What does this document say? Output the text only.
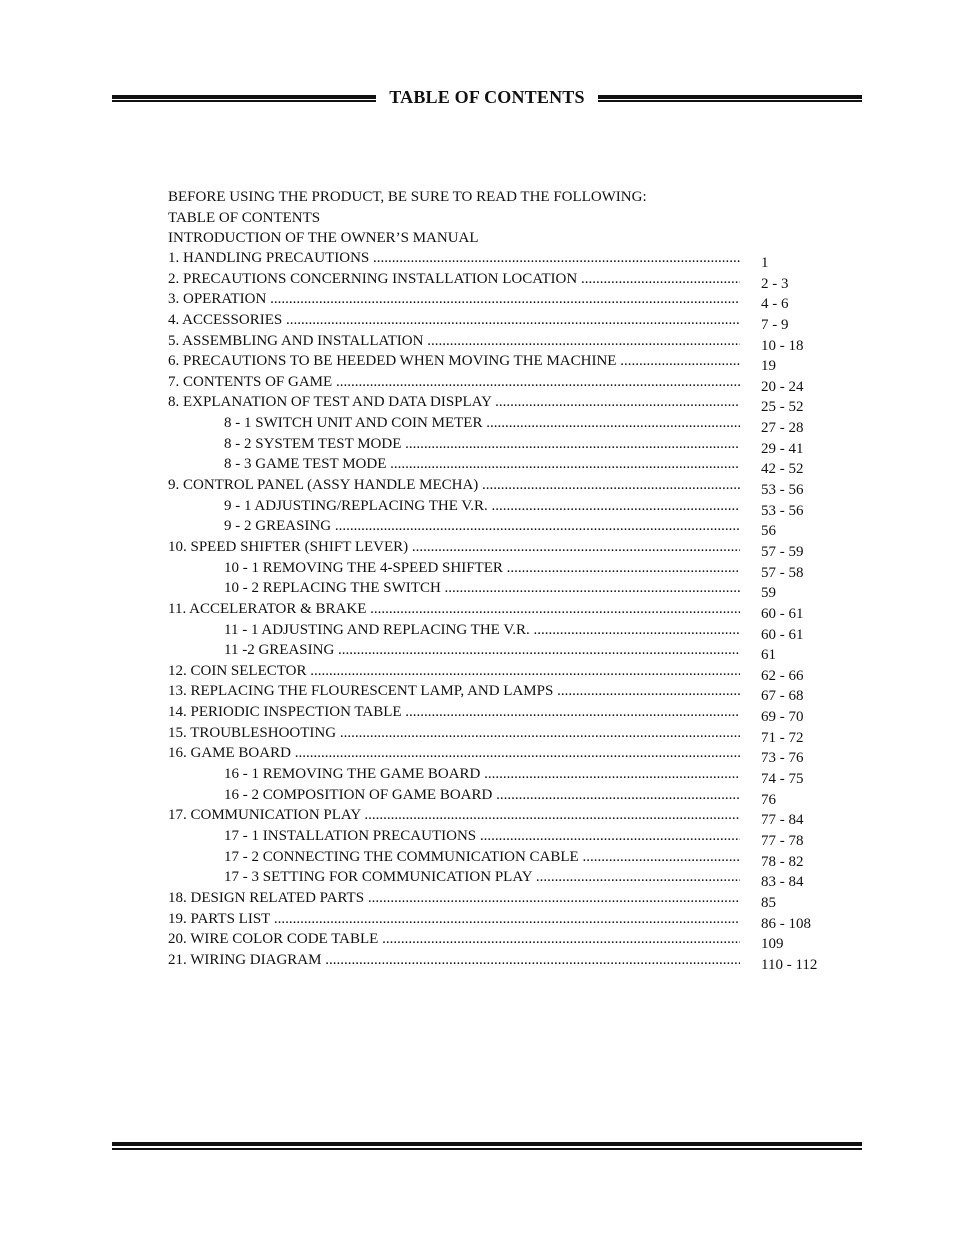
TABLE OF CONTENTS
BEFORE USING THE PRODUCT, BE SURE TO READ THE FOLLOWING:
TABLE OF CONTENTS
INTRODUCTION OF THE OWNER’S MANUAL
1. HANDLING PRECAUTIONS .....	1
2. PRECAUTIONS CONCERNING INSTALLATION LOCATION .....	2 - 3
3. OPERATION .....	4 - 6
4. ACCESSORIES .....	7 - 9
5. ASSEMBLING AND INSTALLATION .....	10 - 18
6. PRECAUTIONS TO BE HEEDED WHEN MOVING THE MACHINE .....	19
7. CONTENTS OF GAME .....	20 - 24
8. EXPLANATION OF TEST AND DATA DISPLAY .....	25 - 52
8 - 1 SWITCH UNIT AND COIN METER .....	27 - 28
8 - 2 SYSTEM TEST MODE .....	29 - 41
8 - 3 GAME TEST MODE .....	42 - 52
9. CONTROL PANEL (ASSY HANDLE MECHA) .....	53 - 56
9 - 1 ADJUSTING/REPLACING THE V.R. .....	53 - 56
9 - 2 GREASING .....	56
10. SPEED SHIFTER (SHIFT LEVER) .....	57 - 59
10 - 1 REMOVING THE 4-SPEED SHIFTER .....	57 - 58
10 - 2 REPLACING THE SWITCH .....	59
11. ACCELERATOR & BRAKE .....	60 - 61
11 - 1 ADJUSTING AND REPLACING THE V.R. .....	60 - 61
11 -2 GREASING .....	61
12. COIN SELECTOR .....	62 - 66
13. REPLACING THE FLOURESCENT LAMP, AND LAMPS .....	67 - 68
14. PERIODIC INSPECTION TABLE .....	69 - 70
15. TROUBLESHOOTING .....	71 - 72
16. GAME BOARD .....	73 - 76
16 - 1 REMOVING THE GAME BOARD .....	74 - 75
16 - 2 COMPOSITION OF GAME BOARD .....	76
17. COMMUNICATION PLAY .....	77 - 84
17 - 1 INSTALLATION PRECAUTIONS .....	77 - 78
17 - 2 CONNECTING THE COMMUNICATION CABLE .....	78 - 82
17 - 3 SETTING FOR COMMUNICATION PLAY .....	83 - 84
18. DESIGN RELATED PARTS .....	85
19. PARTS LIST .....	86 - 108
20. WIRE COLOR CODE TABLE .....	109
21. WIRING DIAGRAM .....	110 - 112
